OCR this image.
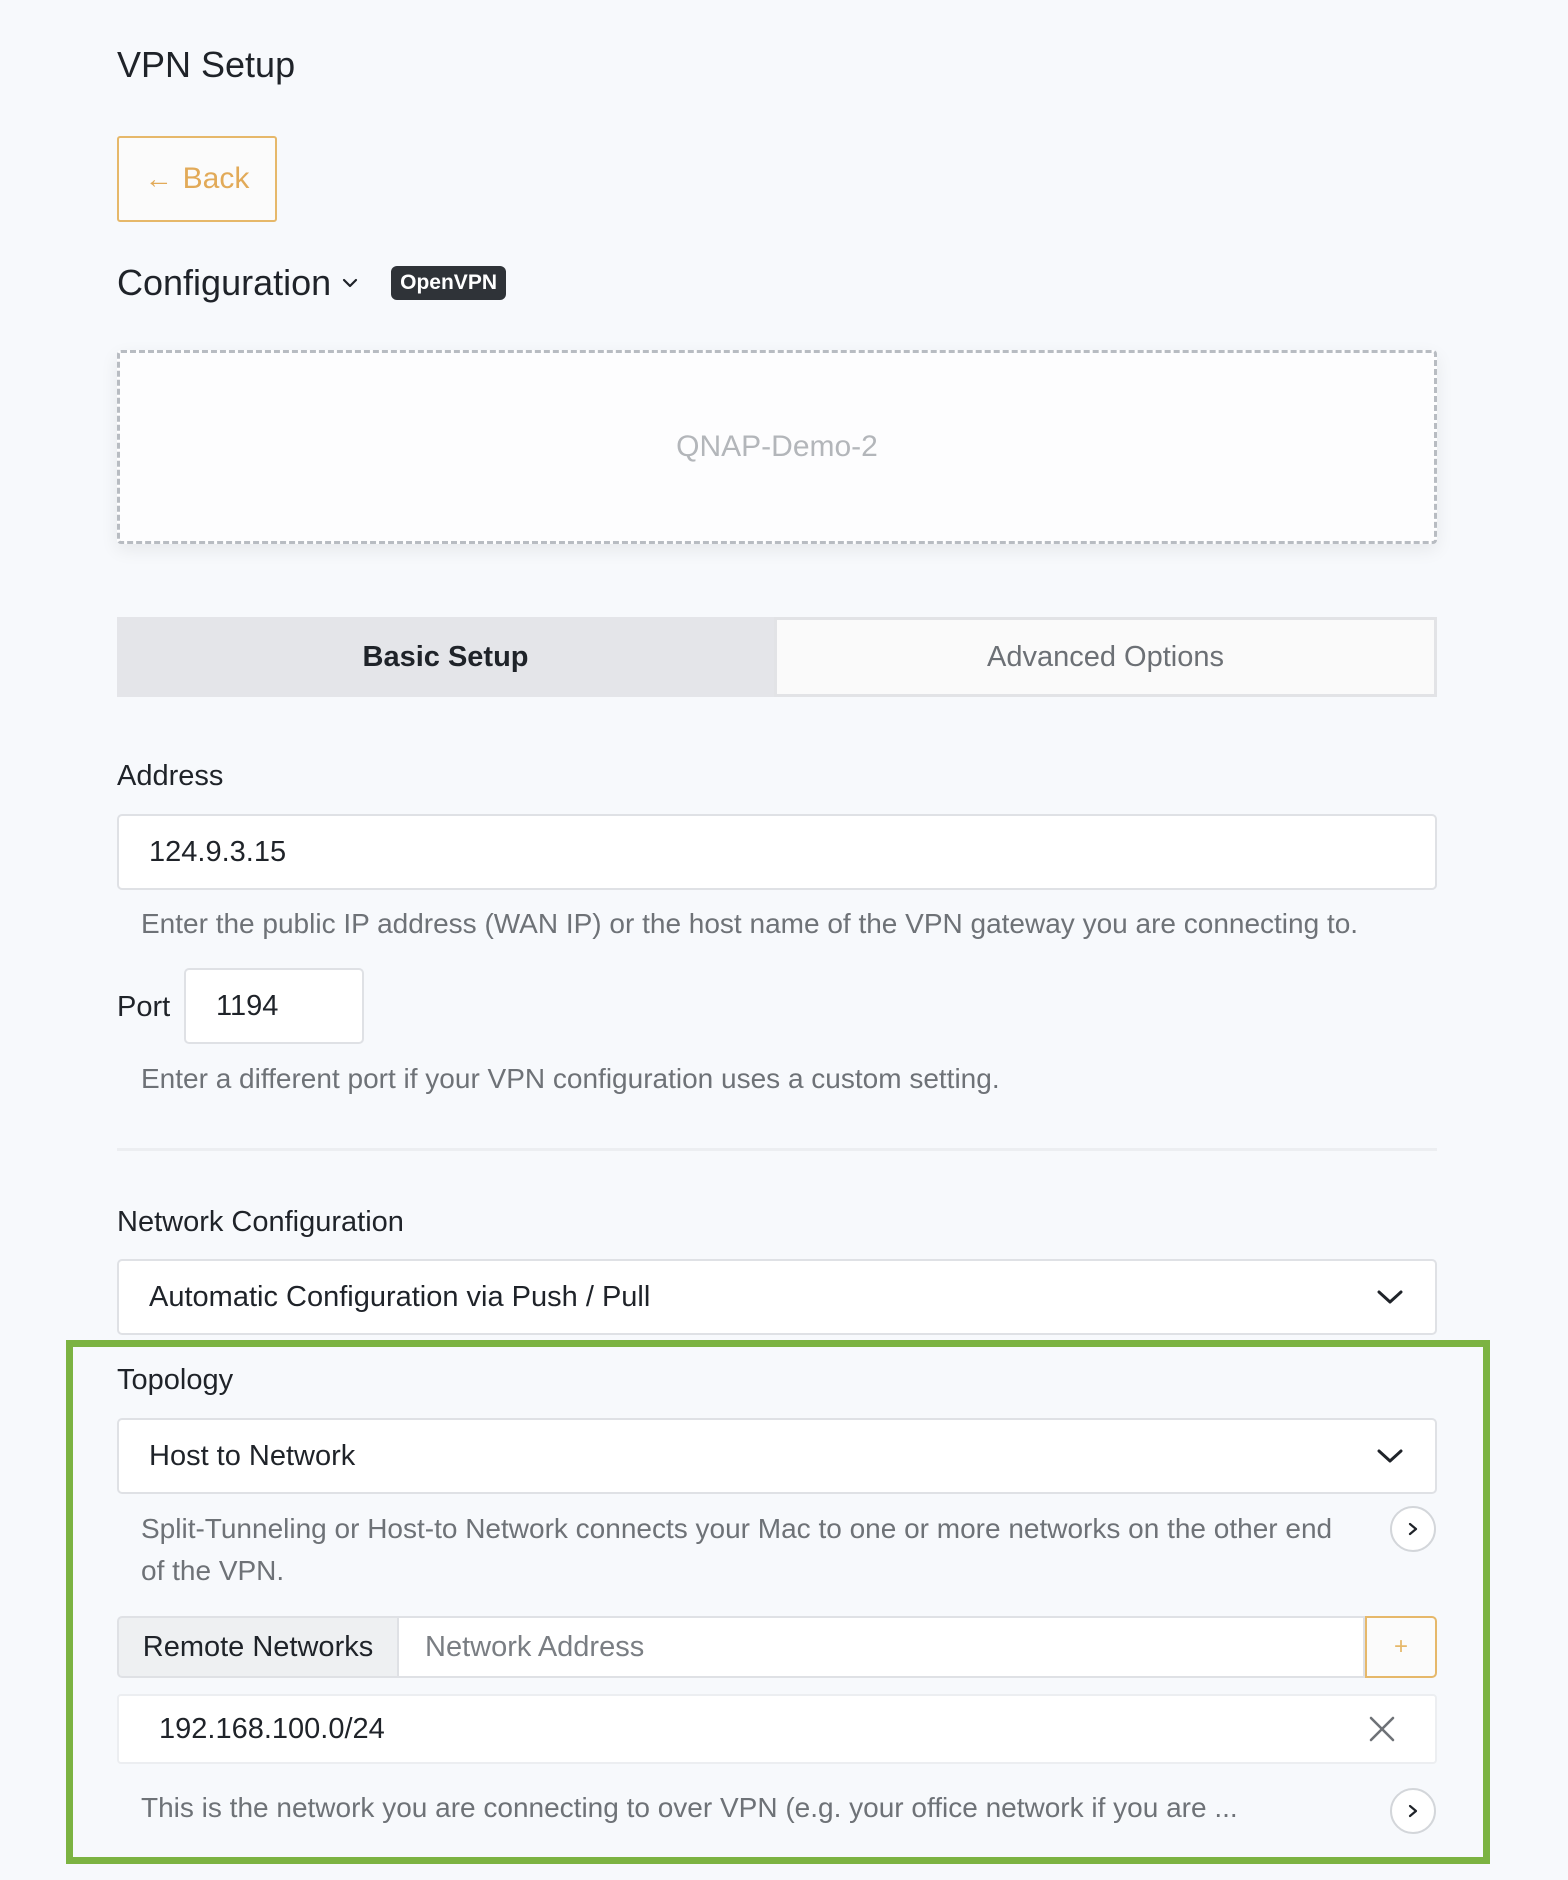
VPN Setup
← Back
Configuration	OpenVPN
QNAP-Demo-2
Basic Setup	Advanced Options
Address
124.9.3.15
Enter the public IP address (WAN IP) or the host name of the VPN gateway you are connecting to.
Port 1194
Enter a different port if your VPN configuration uses a custom setting.
Network Configuration
Automatic Configuration via Push / Pull
Topology
Host to Network
Split-Tunneling or Host-to Network connects your Mac to one or more networks on the other end
of the VPN.
Remote Networks	Network Address	+
192.168.100.0/24
This is the network you are connecting to over VPN (e.g. your office network if you are ...
